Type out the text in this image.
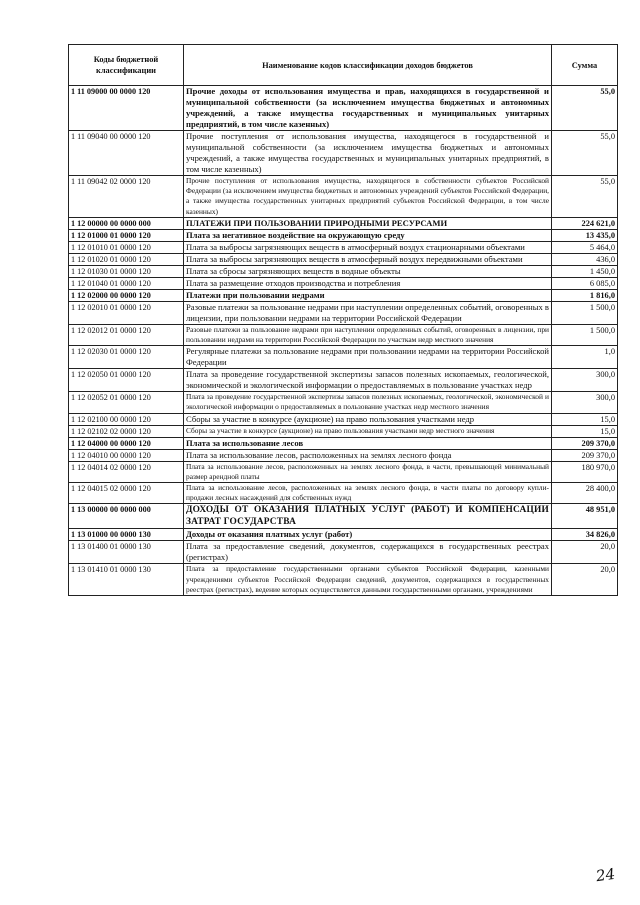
Коды бюджетной классификации	Наименование кодов классификации доходов бюджетов	Сумма
1 11 09000 00 0000 120	Прочие доходы от использования имущества и прав, находящихся в государственной и муниципальной собственности (за исключением имущества бюджетных и автономных учреждений, а также имущества государственных и муниципальных унитарных предприятий, в том числе казенных)	55,0
1 11 09040 00 0000 120	Прочие поступления от использования имущества, находящегося в государственной и муниципальной собственности (за исключением имущества бюджетных и автономных учреждений, а также имущества государственных и муниципальных унитарных предприятий, в том числе казенных)	55,0
1 11 09042 02 0000 120	Прочие поступления от использования имущества, находящегося в собственности субъектов Российской Федерации (за исключением имущества бюджетных и автономных учреждений субъектов Российской Федерации, а также имущества государственных унитарных предприятий субъектов Российской Федерации, в том числе казенных)	55,0
1 12 00000 00 0000 000	ПЛАТЕЖИ ПРИ ПОЛЬЗОВАНИИ ПРИРОДНЫМИ РЕСУРСАМИ	224 621,0
1 12 01000 01 0000 120	Плата за негативное воздействие на окружающую среду	13 435,0
1 12 01010 01 0000 120	Плата за выбросы загрязняющих веществ в атмосферный воздух стационарными объектами	5 464,0
1 12 01020 01 0000 120	Плата за выбросы загрязняющих веществ в атмосферный воздух передвижными объектами	436,0
1 12 01030 01 0000 120	Плата за сбросы загрязняющих веществ в водные объекты	1 450,0
1 12 01040 01 0000 120	Плата за размещение отходов производства и потребления	6 085,0
1 12 02000 00 0000 120	Платежи при пользовании недрами	1 816,0
1 12 02010 01 0000 120	Разовые платежи за пользование недрами при наступлении определенных событий, оговоренных в лицензии, при пользовании недрами на территории Российской Федерации	1 500,0
1 12 02012 01 0000 120	Разовые платежи за пользование недрами при наступлении определенных событий, оговоренных в лицензии, при пользовании недрами на территории Российской Федерации по участкам недр местного значения	1 500,0
1 12 02030 01 0000 120	Регулярные платежи за пользование недрами при пользовании недрами на территории Российской Федерации	1,0
1 12 02050 01 0000 120	Плата за проведение государственной экспертизы запасов полезных ископаемых, геологической, экономической и экологической информации о предоставляемых в пользование участках недр	300,0
1 12 02052 01 0000 120	Плата за проведение государственной экспертизы запасов полезных ископаемых, геологической, экономической и экологической информации о предоставляемых в пользование участках недр местного значения	300,0
1 12 02100 00 0000 120	Сборы за участие в конкурсе (аукционе) на право пользования участками недр	15,0
1 12 02102 02 0000 120	Сборы за участие в конкурсе (аукционе) на право пользования участками недр местного значения	15,0
1 12 04000 00 0000 120	Плата за использование лесов	209 370,0
1 12 04010 00 0000 120	Плата за использование лесов, расположенных на землях лесного фонда	209 370,0
1 12 04014 02 0000 120	Плата за использование лесов, расположенных на землях лесного фонда, в части, превышающей минимальный размер арендной платы	180 970,0
1 12 04015 02 0000 120	Плата за использование лесов, расположенных на землях лесного фонда, в части платы по договору купли-продажи лесных насаждений для собственных нужд	28 400,0
1 13 00000 00 0000 000	ДОХОДЫ ОТ ОКАЗАНИЯ ПЛАТНЫХ УСЛУГ (РАБОТ) И КОМПЕНСАЦИИ ЗАТРАТ ГОСУДАРСТВА	48 951,0
1 13 01000 00 0000 130	Доходы от оказания платных услуг (работ)	34 826,0
1 13 01400 01 0000 130	Плата за предоставление сведений, документов, содержащихся в государственных реестрах (регистрах)	20,0
1 13 01410 01 0000 130	Плата за предоставление государственными органами субъектов Российской Федерации, казенными учреждениями субъектов Российской Федерации сведений, документов, содержащихся в государственных реестрах (регистрах), ведение которых осуществляется данными государственными органами, учреждениями	20,0
24
